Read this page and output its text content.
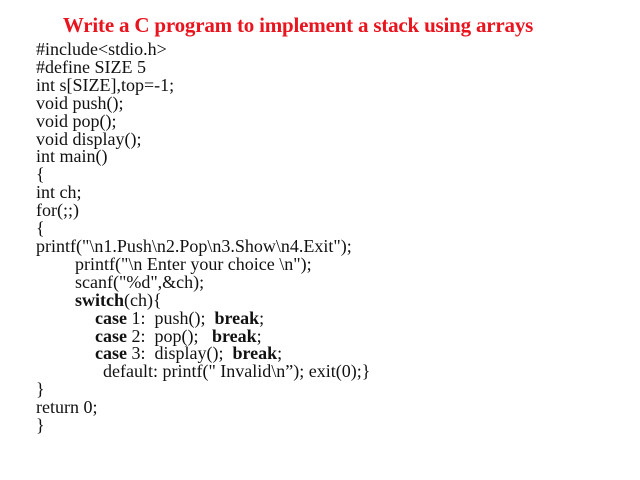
Write a C program to implement a stack using arrays
#include<stdio.h>
#define SIZE 5
int s[SIZE],top=-1;
void push();
void pop();
void display();
int main()
{
int ch;
for(;;)
{
printf("\n1.Push\n2.Pop\n3.Show\n4.Exit");
printf("\n Enter your choice \n");
scanf("%d",&ch);
switch(ch){
case 1:  push();  break;
case 2:  pop();   break;
case 3:  display();  break;
default: printf(" Invalid\n”); exit(0);}
}
return 0;
}
